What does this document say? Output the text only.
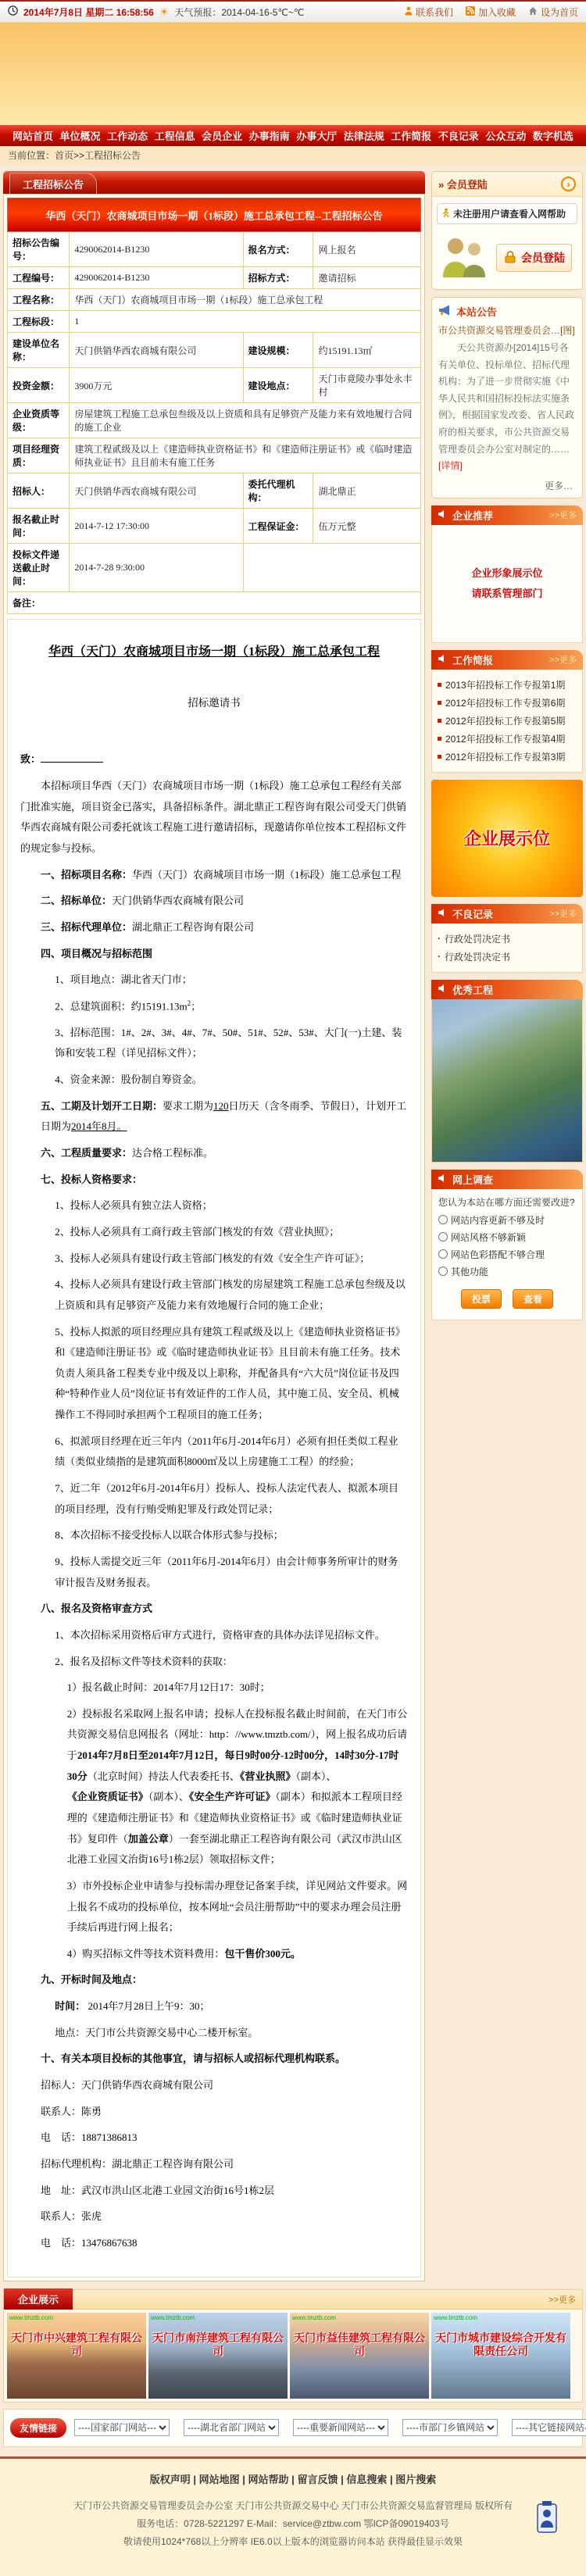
2014年7月8日 星期二 16:58:56 ☀ 天气预报：2014-04-16-5℃~℃	联系我们	加入收藏	设为首页
网站首页 单位概况 工作动态 工程信息 会员企业 办事指南 办事大厅 法律法规 工作简报 不良记录 公众互动 数字机选
当前位置：首页>>工程招标公告
工程招标公告
华西（天门）农商城项目市场一期（1标段）施工总承包工程--工程招标公告			
招标公告编号：	4290062014-B1230	报名方式：	网上报名
工程编号：	4290062014-B1230	招标方式：	邀请招标
工程名称：	华西（天门）农商城项目市场一期（1标段）施工总承包工程		
工程标段：	1		
建设单位名称：	天门供销华西农商城有限公司	建设规模：	约15191.13㎡
投资金额：	3900万元	建设地点：	天门市竟陵办事处永丰村
企业资质等级：	房屋建筑工程施工总承包叁级及以上资质和具有足够资产及能力来有效地履行合同的施工企业		
项目经理资质：	建筑工程贰级及以上《建造师执业资格证书》和《建造师注册证书》或《临时建造师执业证书》且目前未有施工任务		
招标人：	天门供销华西农商城有限公司	委托代理机构：	湖北鼎正
报名截止时间：	2014-7-12 17:30:00	工程保证金：	伍万元整
投标文件递送截止时间：	2014-7-28 9:30:00		
备注：			

华西（天门）农商城项目市场一期（1标段）施工总承包工程

招标邀请书

致：

本招标项目华西（天门）农商城项目市场一期（1标段）施工总承包工程经有关部门批准实施，项目资金已落实，具备招标条件。湖北鼎正工程咨询有限公司受天门供销华西农商城有限公司委托就该工程施工进行邀请招标，现邀请你单位按本工程招标文件的规定参与投标。

一、招标项目名称：华西（天门）农商城项目市场一期（1标段）施工总承包工程

二、招标单位：天门供销华西农商城有限公司

三、招标代理单位：湖北鼎正工程咨询有限公司

四、项目概况与招标范围

1、项目地点：湖北省天门市；

2、总建筑面积：约$15191.13m^2$；

3、招标范围：1#、2#、3#、4#、7#、50#、51#、52#、53#、大门(一)土建、装饰和安装工程（详见招标文件）；

4、资金来源：股份制自筹资金。

五、工期及计划开工日期：要求工期为120日历天（含冬雨季、节假日），计划开工日期为2014年8月。

六、工程质量要求：达合格工程标准。

七、投标人资格要求：

1、投标人必须具有独立法人资格；

2、投标人必须具有工商行政主管部门核发的有效《营业执照》；

3、投标人必须具有建设行政主管部门核发的有效《安全生产许可证》；

4、投标人必须具有建设行政主管部门核发的房屋建筑工程施工总承包叁级及以上资质和具有足够资产及能力来有效地履行合同的施工企业；

5、投标人拟派的项目经理应具有建筑工程贰级及以上《建造师执业资格证书》和《建造师注册证书》或《临时建造师执业证书》且目前未有施工任务。技术负责人须具备工程类专业中级及以上职称，并配备具有“六大员”岗位证书及四种“特种作业人员”岗位证书有效证件的工作人员，其中施工员、安全员、机械操作工不得同时承担两个工程项目的施工任务；

6、拟派项目经理在近三年内（2011年6月-2014年6月）必须有担任类似工程业绩（类似业绩指的是建筑面积8000㎡及以上房建施工工程）的经验；

7、近二年（2012年6月-2014年6月）投标人、投标人法定代表人、拟派本项目的项目经理，没有行贿受贿犯罪及行政处罚记录；

8、本次招标不接受投标人以联合体形式参与投标；

9、投标人需提交近三年（2011年6月-2014年6月）由会计师事务所审计的财务审计报告及财务报表。

八、报名及资格审查方式

1、本次招标采用资格后审方式进行，资格审查的具体办法详见招标文件。

2、报名及招标文件等技术资料的获取：

1）报名截止时间：2014年7月12日17：30时；

2）投标报名采取网上报名申请；投标人在投标报名截止时间前，在天门市公共资源交易信息网报名（网址：http：//www.tmztb.com/），网上报名成功后请于2014年7月8日至2014年7月12日，每日9时00分-12时00分，14时30分-17时30分（北京时间）持法人代表委托书、《营业执照》（副本）、《企业资质证书》（副本）、《安全生产许可证》（副本）和拟派本工程项目经理的《建造师注册证书》和《建造师执业资格证书》或《临时建造师执业证书》复印件（加盖公章）一套至湖北鼎正工程咨询有限公司（武汉市洪山区北港工业园文治街16号1栋2层）领取招标文件；

3）市外投标企业申请参与投标需办理登记备案手续，详见网站文件要求。网上报名不成功的投标单位，按本网址“会员注册帮助”中的要求办理会员注册手续后再进行网上报名；

4）购买招标文件等技术资料费用：包干售价300元。

九、开标时间及地点：

时间： 2014年7月28日上午9：30；

地点：天门市公共资源交易中心二楼开标室。

十、有关本项目投标的其他事宜，请与招标人或招标代理机构联系。

招标人：天门供销华西农商城有限公司

联系人：陈勇

电　话：18871386813

招标代理机构：湖北鼎正工程咨询有限公司

地　址：武汉市洪山区北港工业园文治街16号1栋2层

联系人：张虎

电　话：13476867638

» 会员登陆	›
未注册用户请查看入网帮助
会员登陆
本站公告
市公共资源交易管理委员会…[图]

天公共资源办[2014]15号各有关单位、投标单位、招标代理机构：为了进一步贯彻实施《中华人民共和国招标投标法实施条例》，根据国家发改委、省人民政府的相关要求，市公共资源交易管理委员会办公室对制定的…… [详情]

更多…
企业推荐	>>更多
企业形象展示位
请联系管理部门
工作简报	>>更多
2013年招投标工作专报第1期
2012年招投标工作专报第6期
2012年招投标工作专报第5期
2012年招投标工作专报第4期
2012年招投标工作专报第3期
企业展示位
不良记录	>>更多
· 行政处罚决定书
· 行政处罚决定书
优秀工程
网上调查

您认为本站在哪方面还需要改进?

网站内容更新不够及时
网站风格不够新颖
网站色彩搭配不够合理
其他功能
投票	查看
企业展示	>>更多
www.tmztb.com
天门市中兴建筑工程有限公司
www.tmztb.com
天门市南洋建筑工程有限公司
www.tmztb.com
天门市益佳建筑工程有限公司
www.tmztb.com
天门市城市建设综合开发有限责任公司
友情链接
----国家部门网站----
----湖北省部门网站---
----重要新闻网站----
----市部门乡镇网站---
----其它链接网站----
版权声明 | 网站地图 | 网站帮助 | 留言反馈 | 信息搜索 | 图片搜索

天门市公共资源交易管理委员会办公室 天门市公共资源交易中心 天门市公共资源交易监督管理局 版权所有

服务电话：0728-5221297 E-Mail：service@ztbw.com 鄂ICP备09019403号

敬请使用1024*768以上分辨率 IE6.0以上版本的浏览器访问本站 获得最佳显示效果
